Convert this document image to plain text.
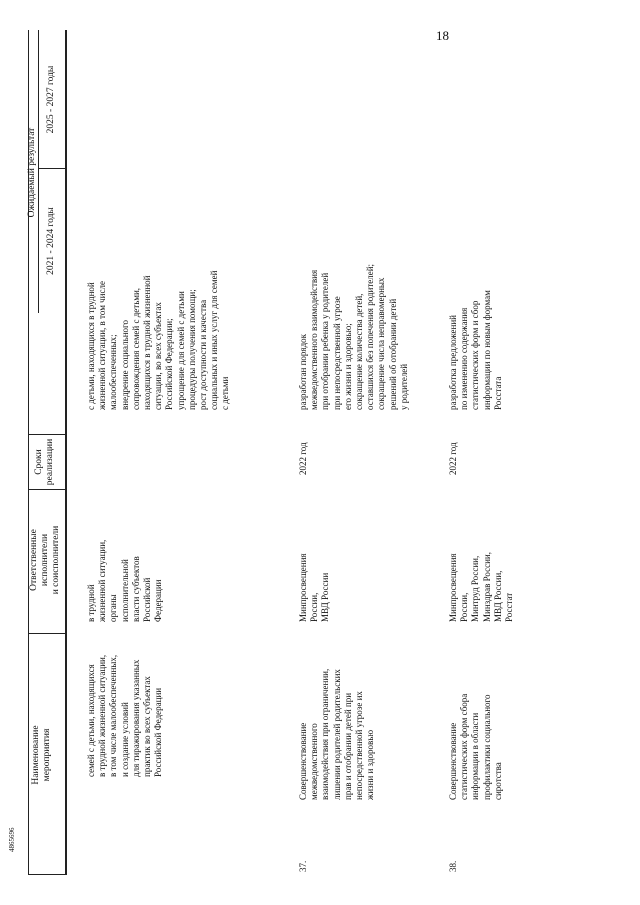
18
Наименование
мероприятия
Ответственные
исполнители
и соисполнители
Сроки
реализации
Ожидаемый результат
2021 - 2024 годы
2025 - 2027 годы
семей с детьми, находящихся
в трудной жизненной ситуации,
в том числе малообеспеченных,
и создание условий
для тиражирования указанных
практик во всех субъектах
Российской Федерации
в трудной
жизненной ситуации,
органы
исполнительной
власти субъектов
Российской
Федерации
с детьми, находящихся в трудной
жизненной ситуации, в том числе
малообеспеченных;
внедрение социального
сопровождения семей с детьми,
находящихся в трудной жизненной
ситуации, во всех субъектах
Российской Федерации;
упрощение для семей с детьми
процедуры получения помощи;
рост доступности и качества
социальных и иных услуг для семей
с детьми
37.
Совершенствование
межведомственного
взаимодействия при ограничении,
лишении родителей родительских
прав и отобрании детей при
непосредственной угрозе их
жизни и здоровью
Минпросвещения
России,
МВД России
2022 год
разработан порядок
межведомственного взаимодействия
при отобрании ребенка у родителей
при непосредственной угрозе
его жизни и здоровью;
сокращение количества детей,
оставшихся без попечения родителей;
сокращение числа неправомерных
решений об отобрании детей
у родителей
38.
Совершенствование
статистических форм сбора
информации в области
профилактики социального
сиротства
Минпросвещения
России,
Минтруд России,
Минздрав России,
МВД России,
Росстат
2022 год
разработка предложений
по изменению содержания
статистических форм и сбор
информации по новым формам
Росстата
4865696
